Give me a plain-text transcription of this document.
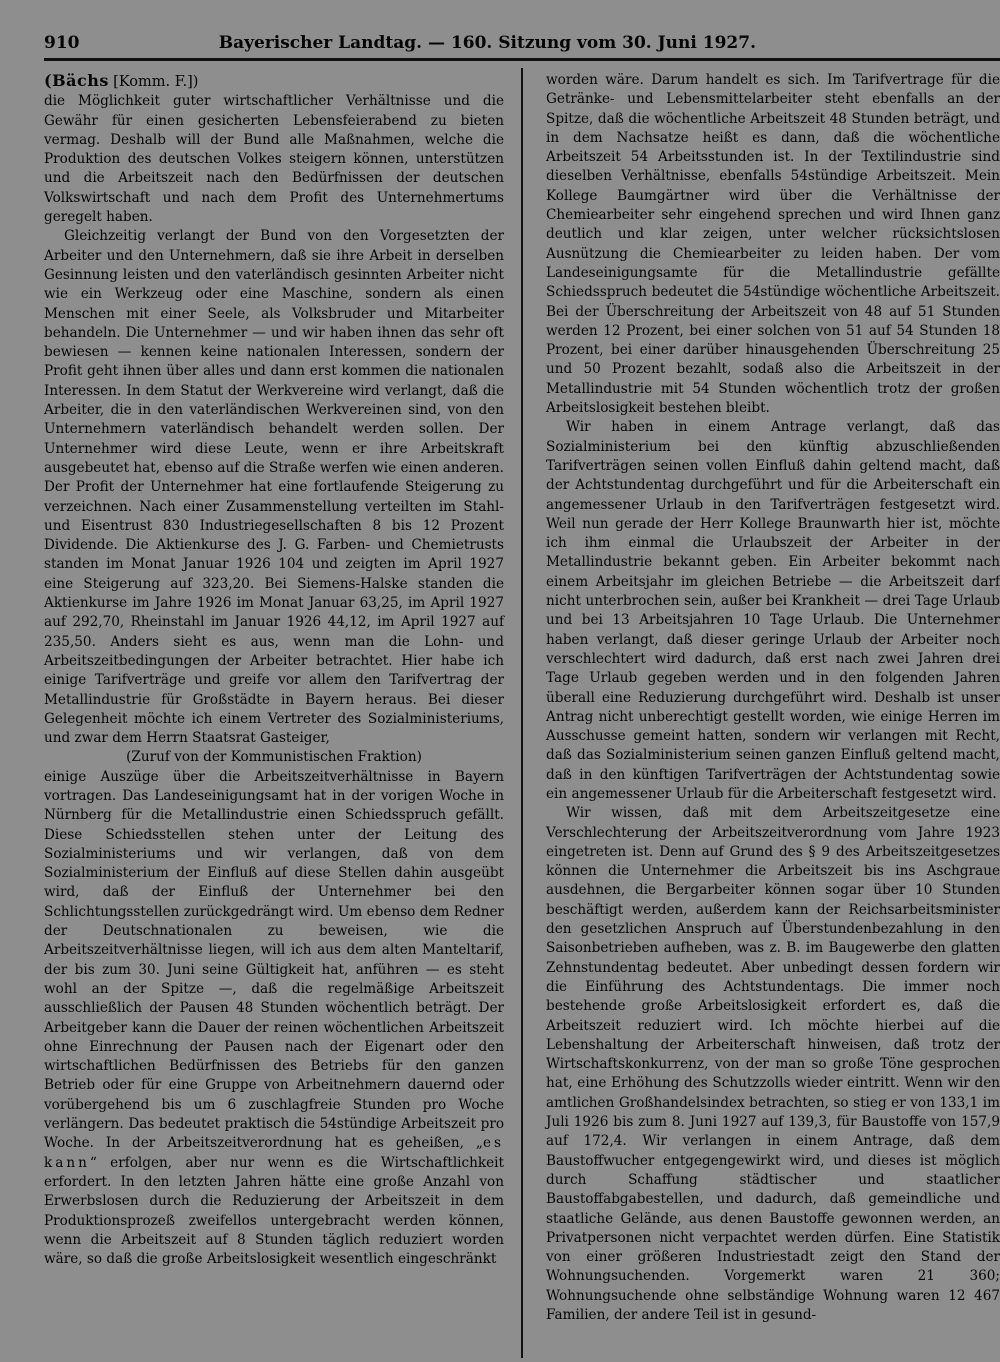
910	Bayerischer Landtag. — 160. Sitzung vom 30. Juni 1927.

(Bächs [Komm. F.])

die Möglichkeit guter wirtschaftlicher Verhältnisse und die Gewähr für einen gesicherten Lebensfeierabend zu bieten vermag. Deshalb will der Bund alle Maßnahmen, welche die Produktion des deutschen Volkes steigern können, unterstützen und die Arbeitszeit nach den Bedürfnissen der deutschen Volkswirtschaft und nach dem Profit des Unternehmertums geregelt haben.

Gleichzeitig verlangt der Bund von den Vorgesetzten der Arbeiter und den Unternehmern, daß sie ihre Arbeit in derselben Gesinnung leisten und den vaterländisch gesinnten Arbeiter nicht wie ein Werkzeug oder eine Maschine, sondern als einen Menschen mit einer Seele, als Volksbruder und Mitarbeiter behandeln. Die Unternehmer — und wir haben ihnen das sehr oft bewiesen — kennen keine nationalen Interessen, sondern der Profit geht ihnen über alles und dann erst kommen die nationalen Interessen. In dem Statut der Werkvereine wird verlangt, daß die Arbeiter, die in den vaterländischen Werkvereinen sind, von den Unternehmern vaterländisch behandelt werden sollen. Der Unternehmer wird diese Leute, wenn er ihre Arbeitskraft ausgebeutet hat, ebenso auf die Straße werfen wie einen anderen. Der Profit der Unternehmer hat eine fortlaufende Steigerung zu verzeichnen. Nach einer Zusammenstellung verteilten im Stahl- und Eisentrust 830 Industriegesellschaften 8 bis 12 Prozent Dividende. Die Aktienkurse des J. G. Farben- und Chemietrusts standen im Monat Januar 1926 104 und zeigten im April 1927 eine Steigerung auf 323,20. Bei Siemens-Halske standen die Aktienkurse im Jahre 1926 im Monat Januar 63,25, im April 1927 auf 292,70, Rheinstahl im Januar 1926 44,12, im April 1927 auf 235,50. Anders sieht es aus, wenn man die Lohn- und Arbeitszeitbedingungen der Arbeiter betrachtet. Hier habe ich einige Tarifverträge und greife vor allem den Tarifvertrag der Metallindustrie für Großstädte in Bayern heraus. Bei dieser Gelegenheit möchte ich einem Vertreter des Sozialministeriums, und zwar dem Herrn Staatsrat Gasteiger,

(Zuruf von der Kommunistischen Fraktion)

einige Auszüge über die Arbeitszeitverhältnisse in Bayern vortragen. Das Landeseinigungsamt hat in der vorigen Woche in Nürnberg für die Metallindustrie einen Schiedsspruch gefällt. Diese Schiedsstellen stehen unter der Leitung des Sozialministeriums und wir verlangen, daß von dem Sozialministerium der Einfluß auf diese Stellen dahin ausgeübt wird, daß der Einfluß der Unternehmer bei den Schlichtungsstellen zurückgedrängt wird. Um ebenso dem Redner der Deutschnationalen zu beweisen, wie die Arbeitszeitverhältnisse liegen, will ich aus dem alten Manteltarif, der bis zum 30. Juni seine Gültigkeit hat, anführen — es steht wohl an der Spitze —, daß die regelmäßige Arbeitszeit ausschließlich der Pausen 48 Stunden wöchentlich beträgt. Der Arbeitgeber kann die Dauer der reinen wöchentlichen Arbeitszeit ohne Einrechnung der Pausen nach der Eigenart oder den wirtschaftlichen Bedürfnissen des Betriebs für den ganzen Betrieb oder für eine Gruppe von Arbeitnehmern dauernd oder vorübergehend bis um 6 zuschlagfreie Stunden pro Woche verlängern. Das bedeutet praktisch die 54stündige Arbeitszeit pro Woche. In der Arbeitszeitverordnung hat es geheißen, „es kann“ erfolgen, aber nur wenn es die Wirtschaftlichkeit erfordert. In den letzten Jahren hätte eine große Anzahl von Erwerbslosen durch die Reduzierung der Arbeitszeit in dem Produktionsprozeß zweifellos untergebracht werden können, wenn die Arbeitszeit auf 8 Stunden täglich reduziert worden wäre, so daß die große Arbeitslosigkeit wesentlich eingeschränkt

worden wäre. Darum handelt es sich. Im Tarifvertrage für die Getränke- und Lebensmittelarbeiter steht ebenfalls an der Spitze, daß die wöchentliche Arbeitszeit 48 Stunden beträgt, und in dem Nachsatze heißt es dann, daß die wöchentliche Arbeitszeit 54 Arbeitsstunden ist. In der Textilindustrie sind dieselben Verhältnisse, ebenfalls 54stündige Arbeitszeit. Mein Kollege Baumgärtner wird über die Verhältnisse der Chemiearbeiter sehr eingehend sprechen und wird Ihnen ganz deutlich und klar zeigen, unter welcher rücksichtslosen Ausnützung die Chemiearbeiter zu leiden haben. Der vom Landeseinigungsamte für die Metallindustrie gefällte Schiedsspruch bedeutet die 54stündige wöchentliche Arbeitszeit. Bei der Überschreitung der Arbeitszeit von 48 auf 51 Stunden werden 12 Prozent, bei einer solchen von 51 auf 54 Stunden 18 Prozent, bei einer darüber hinausgehenden Überschreitung 25 und 50 Prozent bezahlt, sodaß also die Arbeitszeit in der Metallindustrie mit 54 Stunden wöchentlich trotz der großen Arbeitslosigkeit bestehen bleibt.

Wir haben in einem Antrage verlangt, daß das Sozialministerium bei den künftig abzuschließenden Tarifverträgen seinen vollen Einfluß dahin geltend macht, daß der Achtstundentag durchgeführt und für die Arbeiterschaft ein angemessener Urlaub in den Tarifverträgen festgesetzt wird. Weil nun gerade der Herr Kollege Braunwarth hier ist, möchte ich ihm einmal die Urlaubszeit der Arbeiter in der Metallindustrie bekannt geben. Ein Arbeiter bekommt nach einem Arbeitsjahr im gleichen Betriebe — die Arbeitszeit darf nicht unterbrochen sein, außer bei Krankheit — drei Tage Urlaub und bei 13 Arbeitsjahren 10 Tage Urlaub. Die Unternehmer haben verlangt, daß dieser geringe Urlaub der Arbeiter noch verschlechtert wird dadurch, daß erst nach zwei Jahren drei Tage Urlaub gegeben werden und in den folgenden Jahren überall eine Reduzierung durchgeführt wird. Deshalb ist unser Antrag nicht unberechtigt gestellt worden, wie einige Herren im Ausschusse gemeint hatten, sondern wir verlangen mit Recht, daß das Sozialministerium seinen ganzen Einfluß geltend macht, daß in den künftigen Tarifverträgen der Achtstundentag sowie ein angemessener Urlaub für die Arbeiterschaft festgesetzt wird.

Wir wissen, daß mit dem Arbeitszeitgesetze eine Verschlechterung der Arbeitszeitverordnung vom Jahre 1923 eingetreten ist. Denn auf Grund des § 9 des Arbeitszeitgesetzes können die Unternehmer die Arbeitszeit bis ins Aschgraue ausdehnen, die Bergarbeiter können sogar über 10 Stunden beschäftigt werden, außerdem kann der Reichsarbeitsminister den gesetzlichen Anspruch auf Überstundenbezahlung in den Saisonbetrieben aufheben, was z. B. im Baugewerbe den glatten Zehnstundentag bedeutet. Aber unbedingt dessen fordern wir die Einführung des Achtstundentags. Die immer noch bestehende große Arbeitslosigkeit erfordert es, daß die Arbeitszeit reduziert wird. Ich möchte hierbei auf die Lebenshaltung der Arbeiterschaft hinweisen, daß trotz der Wirtschaftskonkurrenz, von der man so große Töne gesprochen hat, eine Erhöhung des Schutzzolls wieder eintritt. Wenn wir den amtlichen Großhandelsindex betrachten, so stieg er von 133,1 im Juli 1926 bis zum 8. Juni 1927 auf 139,3, für Baustoffe von 157,9 auf 172,4. Wir verlangen in einem Antrage, daß dem Baustoffwucher entgegengewirkt wird, und dieses ist möglich durch Schaffung städtischer und staatlicher Baustoffabgabestellen, und dadurch, daß gemeindliche und staatliche Gelände, aus denen Baustoffe gewonnen werden, an Privatpersonen nicht verpachtet werden dürfen. Eine Statistik von einer größeren Industriestadt zeigt den Stand der Wohnungsuchenden. Vorgemerkt waren 21 360; Wohnungsuchende ohne selbständige Wohnung waren 12 467 Familien, der andere Teil ist in gesund-
